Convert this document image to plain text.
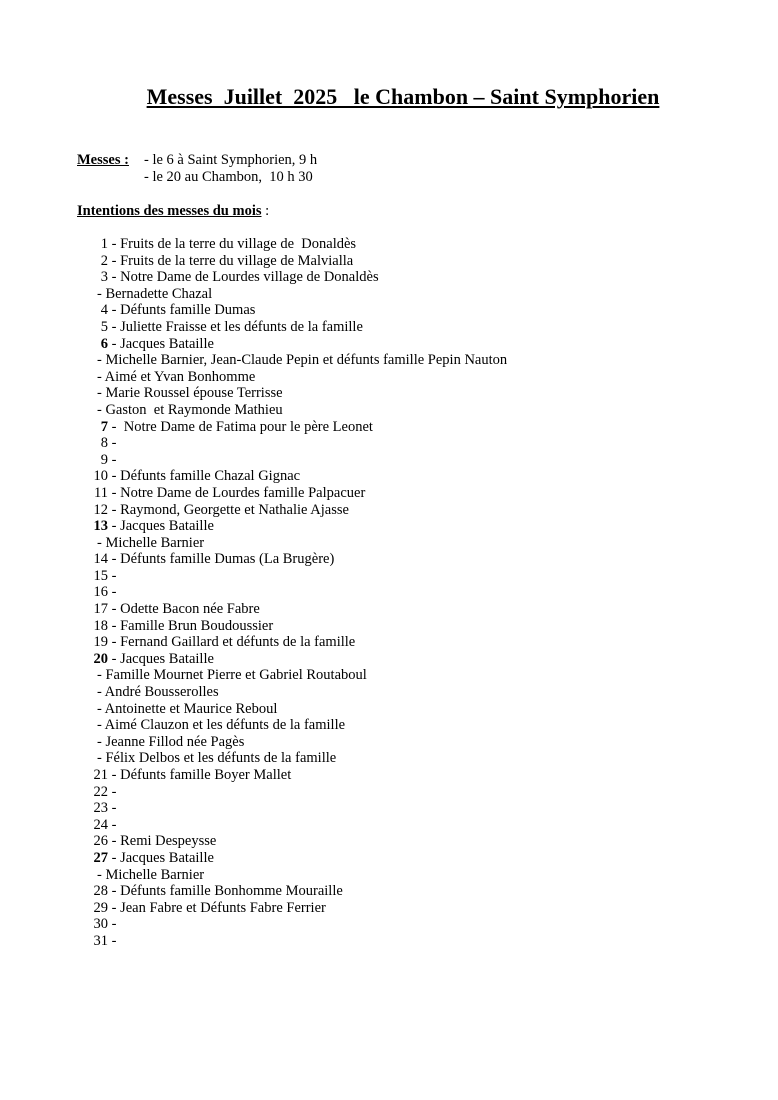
Messes  Juillet  2025   le Chambon – Saint Symphorien
Messes :	- le 6 à Saint Symphorien, 9 h
- le 20 au Chambon,  10 h 30
Intentions des messes du mois :
1 - Fruits de la terre du village de  Donaldès
2 - Fruits de la terre du village de Malvialla
3 - Notre Dame de Lourdes village de Donaldès
- Bernadette Chazal
4 - Défunts famille Dumas
5 - Juliette Fraisse et les défunts de la famille
6 - Jacques Bataille
- Michelle Barnier, Jean-Claude Pepin et défunts famille Pepin Nauton
- Aimé et Yvan Bonhomme
- Marie Roussel épouse Terrisse
- Gaston  et Raymonde Mathieu
7 - Notre Dame de Fatima pour le père Leonet
8 -
9 -
10 - Défunts famille Chazal Gignac
11 - Notre Dame de Lourdes famille Palpacuer
12 - Raymond, Georgette et Nathalie Ajasse
13 - Jacques Bataille
- Michelle Barnier
14 - Défunts famille Dumas (La Brugère)
15 -
16 -
17 - Odette Bacon née Fabre
18 - Famille Brun Boudoussier
19 - Fernand Gaillard et défunts de la famille
20 - Jacques Bataille
- Famille Mournet Pierre et Gabriel Routaboul
- André Bousserolles
- Antoinette et Maurice Reboul
- Aimé Clauzon et les défunts de la famille
- Jeanne Fillod née Pagès
- Félix Delbos et les défunts de la famille
21 - Défunts famille Boyer Mallet
22 -
23 -
24 -
26 - Remi Despeysse
27 - Jacques Bataille
- Michelle Barnier
28 - Défunts famille Bonhomme Mouraille
29 - Jean Fabre et Défunts Fabre Ferrier
30 -
31 -
